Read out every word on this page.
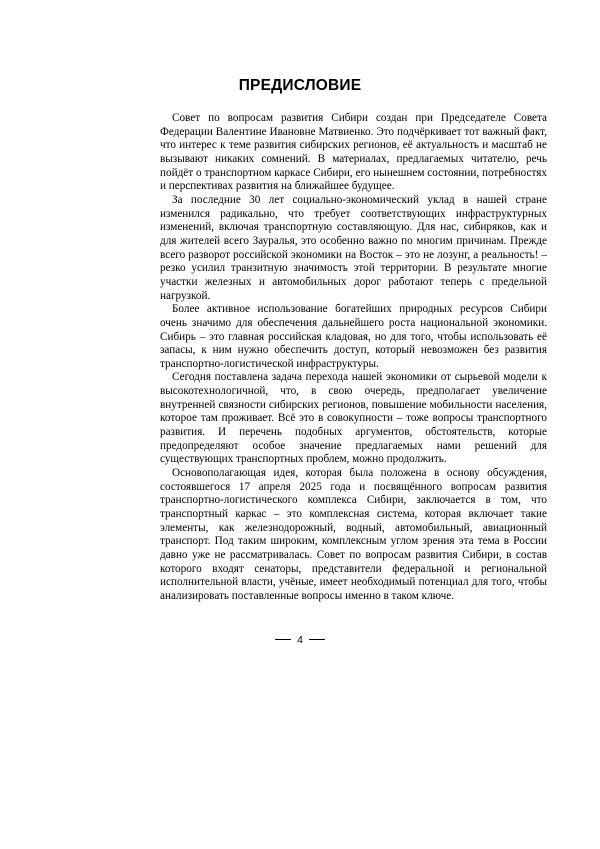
ПРЕДИСЛОВИЕ

Совет по вопросам развития Сибири создан при Председателе Совета Федерации Валентине Ивановне Матвиенко. Это подчёркивает тот важный факт, что интерес к теме развития сибирских регионов, её актуальность и масштаб не вызывают никаких сомнений. В материалах, предлагаемых читателю, речь пойдёт о транспортном каркасе Сибири, его нынешнем состоянии, потребностях и перспективах развития на ближайшее будущее.

За последние 30 лет социально-экономический уклад в нашей стране изменился радикально, что требует соответствующих инфраструктурных изменений, включая транспортную составляющую. Для нас, сибиряков, как и для жителей всего Зауралья, это особенно важно по многим причинам. Прежде всего разворот российской экономики на Восток – это не лозунг, а реальность! – резко усилил транзитную значимость этой территории. В результате многие участки железных и автомобильных дорог работают теперь с предельной нагрузкой.

Более активное использование богатейших природных ресурсов Сибири очень значимо для обеспечения дальнейшего роста национальной экономики. Сибирь – это главная российская кладовая, но для того, чтобы использовать её запасы, к ним нужно обеспечить доступ, который невозможен без развития транспортно-логистической инфраструктуры.

Сегодня поставлена задача перехода нашей экономики от сырьевой модели к высокотехнологичной, что, в свою очередь, предполагает увеличение внутренней связности сибирских регионов, повышение мобильности населения, которое там проживает. Всё это в совокупности – тоже вопросы транспортного развития. И перечень подобных аргументов, обстоятельств, которые предопределяют особое значение предлагаемых нами решений для существующих транспортных проблем, можно продолжить.

Основополагающая идея, которая была положена в основу обсуждения, состоявшегося 17 апреля 2025 года и посвящённого вопросам развития транспортно-логистического комплекса Сибири, заключается в том, что транспортный каркас – это комплексная система, которая включает такие элементы, как железнодорожный, водный, автомобильный, авиационный транспорт. Под таким широким, комплексным углом зрения эта тема в России давно уже не рассматривалась. Совет по вопросам развития Сибири, в состав которого входят сенаторы, представители федеральной и региональной исполнительной власти, учёные, имеет необходимый потенциал для того, чтобы анализировать поставленные вопросы именно в таком ключе.

4
